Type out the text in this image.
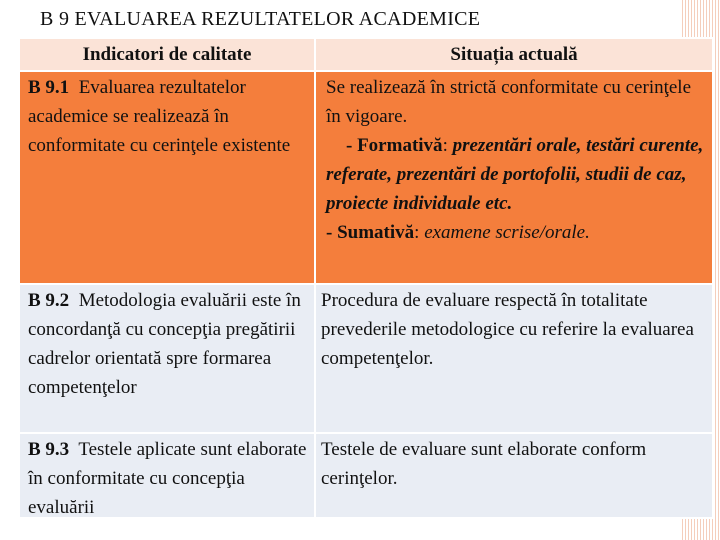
B 9 EVALUAREA REZULTATELOR ACADEMICE
Indicatori de calitate	Situația actuală

B 9.1  Evaluarea rezultatelor academice se realizează în conformitate cu cerinţele existente	Se realizează în strictă conformitate cu cerinţele în vigoare.
- Formativă: prezentări orale, testări curente, referate, prezentări de portofolii, studii de caz, proiecte individuale etc.
- Sumativă: examene scrise/orale.

B 9.2  Metodologia evaluării este în concordanţă cu concepţia pregătirii  cadrelor orientată spre formarea competenţelor	Procedura de evaluare respectă în totalitate prevederile metodologice cu referire la evaluarea competenţelor.

B 9.3  Testele aplicate sunt elaborate în conformitate cu concepţia evaluării	Testele de evaluare sunt elaborate conform cerinţelor.
